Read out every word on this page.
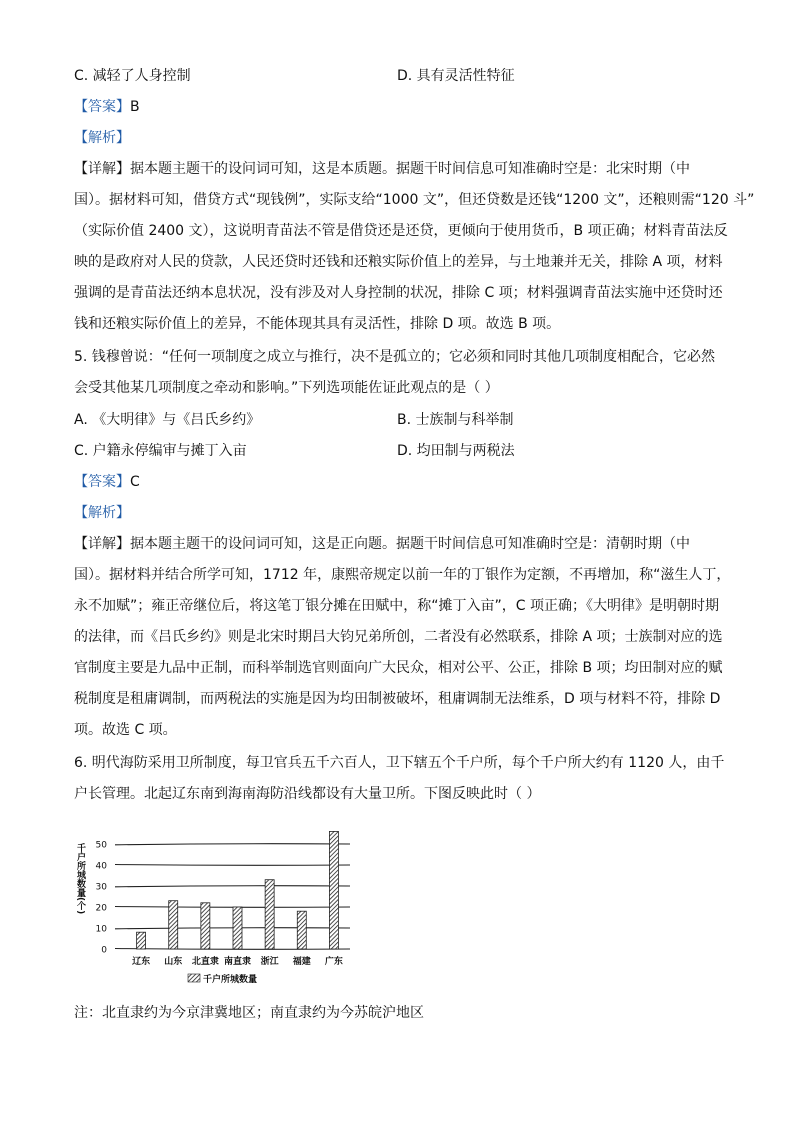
C. 减轻了人身控制	D. 具有灵活性特征
【答案】B
【解析】
【详解】据本题主题干的设问词可知，这是本质题。据题干时间信息可知准确时空是：北宋时期（中
国）。据材料可知，借贷方式“现钱例”，实际支给“1000 文”，但还贷数是还钱“1200 文”，还粮则需“120 斗”
（实际价值 2400 文），这说明青苗法不管是借贷还是还贷，更倾向于使用货币，B 项正确；材料青苗法反
映的是政府对人民的贷款，人民还贷时还钱和还粮实际价值上的差异，与土地兼并无关，排除 A 项，材料
强调的是青苗法还纳本息状况，没有涉及对人身控制的状况，排除 C 项；材料强调青苗法实施中还贷时还
钱和还粮实际价值上的差异，不能体现其具有灵活性，排除 D 项。故选 B 项。
5. 钱穆曾说：“任何一项制度之成立与推行，决不是孤立的；它必须和同时其他几项制度相配合，它必然
会受其他某几项制度之牵动和影响。”下列选项能佐证此观点的是（ ）
A. 《大明律》与《吕氏乡约》	B. 士族制与科举制
C. 户籍永停编审与摊丁入亩	D. 均田制与两税法
【答案】C
【解析】
【详解】据本题主题干的设问词可知，这是正向题。据题干时间信息可知准确时空是：清朝时期（中
国）。据材料并结合所学可知，1712 年，康熙帝规定以前一年的丁银作为定额，不再增加，称“滋生人丁，
永不加赋”；雍正帝继位后，将这笔丁银分摊在田赋中，称“摊丁入亩”，C 项正确；《大明律》是明朝时期
的法律，而《吕氏乡约》则是北宋时期吕大钧兄弟所创，二者没有必然联系，排除 A 项；士族制对应的选
官制度主要是九品中正制，而科举制选官则面向广大民众，相对公平、公正，排除 B 项；均田制对应的赋
税制度是租庸调制，而两税法的实施是因为均田制被破坏，租庸调制无法维系，D 项与材料不符，排除 D
项。故选 C 项。
6. 明代海防采用卫所制度，每卫官兵五千六百人，卫下辖五个千户所，每个千户所大约有 1120 人，由千
户长管理。北起辽东南到海南海防沿线都设有大量卫所。下图反映此时（ ）
0
10
20
30
40
50
千户所城数量(个)
辽东 山东 北直隶 南直隶 浙江 福建 广东
千户所城数量
注：北直隶约为今京津冀地区；南直隶约为今苏皖沪地区
